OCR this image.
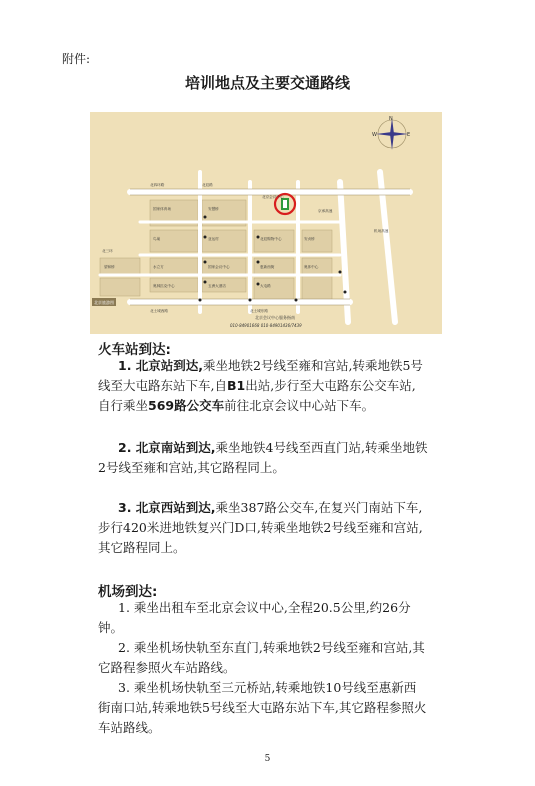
附件:
培训地点及主要交通路线
N
W	E
北四环路	北辰路
京承高速
机场高速
北土城西路	北土城东路
北三环
国家体育场
鸟巢
水立方
奥林匹克中心
安慧桥
亚运村
国家会议中心
五洲大酒店
北辰购物中心
惠新西街
大屯路
安贞桥
奥体中心
北京会议中心
望和桥
北京会议中心服务指南
010-84901668 010-84901436/7439
北京旅游图
火车站到达:
1. 北京站到达,乘坐地铁2号线至雍和宫站,转乘地铁5号线至大屯路东站下车,自B1出站,步行至大屯路东公交车站,自行乘坐569路公交车前往北京会议中心站下车。
2. 北京南站到达,乘坐地铁4号线至西直门站,转乘坐地铁2号线至雍和宫站,其它路程同上。
3. 北京西站到达,乘坐387路公交车,在复兴门南站下车,步行420米进地铁复兴门D口,转乘坐地铁2号线至雍和宫站,其它路程同上。
机场到达:
1. 乘坐出租车至北京会议中心,全程20.5公里,约26分钟。
2. 乘坐机场快轨至东直门,转乘地铁2号线至雍和宫站,其它路程参照火车站路线。
3. 乘坐机场快轨至三元桥站,转乘地铁10号线至惠新西街南口站,转乘地铁5号线至大屯路东站下车,其它路程参照火车站路线。
5
